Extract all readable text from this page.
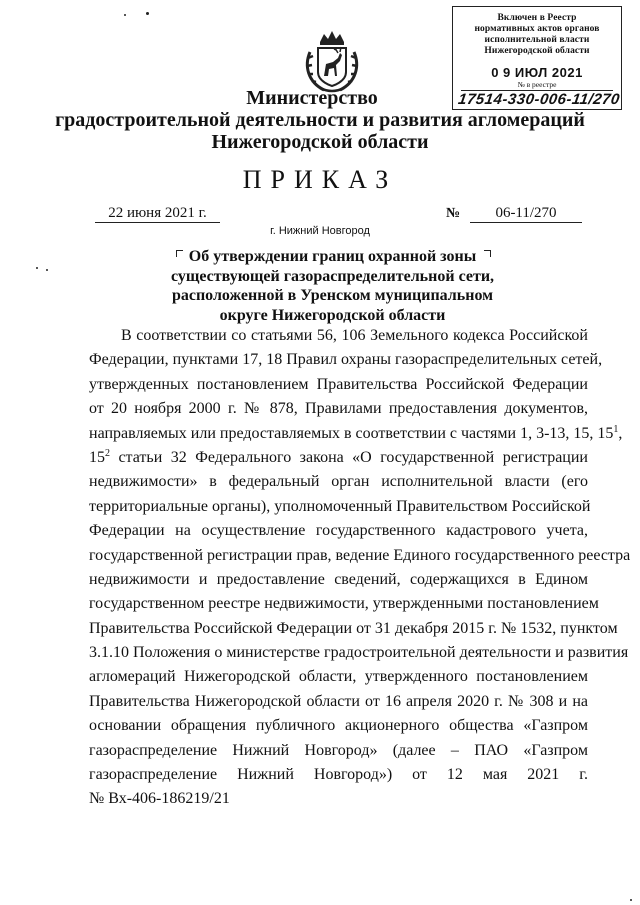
Включен в Реестр
нормативных актов органов
исполнительной власти
Нижегородской области
0 9 ИЮЛ 2021
№ в реестре
17514-330-006-11/270
Министерство
градостроительной деятельности и развития агломераций
Нижегородской области
ПРИКАЗ
22 июня 2021 г.	№	06-11/270
г. Нижний Новгород
Об утверждении границ охранной зоны
существующей газораспределительной сети,
расположенной в Уренском муниципальном
округе Нижегородской области
В соответствии со статьями 56, 106 Земельного кодекса Российской
Федерации, пунктами 17, 18 Правил охраны газораспределительных сетей,
утвержденных постановлением Правительства Российской Федерации
от 20 ноября 2000 г. № 878, Правилами предоставления документов,
направляемых или предоставляемых в соответствии с частями 1, 3-13, 15, $15^1$,
$15^2$ статьи 32 Федерального закона «О государственной регистрации
недвижимости» в федеральный орган исполнительной власти (его
территориальные органы), уполномоченный Правительством Российской
Федерации на осуществление государственного кадастрового учета,
государственной регистрации прав, ведение Единого государственного реестра
недвижимости и предоставление сведений, содержащихся в Едином
государственном реестре недвижимости, утвержденными постановлением
Правительства Российской Федерации от 31 декабря 2015 г. № 1532, пунктом
3.1.10 Положения о министерстве градостроительной деятельности и развития
агломераций Нижегородской области, утвержденного постановлением
Правительства Нижегородской области от 16 апреля 2020 г. № 308 и на
основании обращения публичного акционерного общества «Газпром
газораспределение Нижний Новгород» (далее – ПАО «Газпром
газораспределение Нижний Новгород») от 12 мая 2021 г.
№ Вх-406-186219/21
